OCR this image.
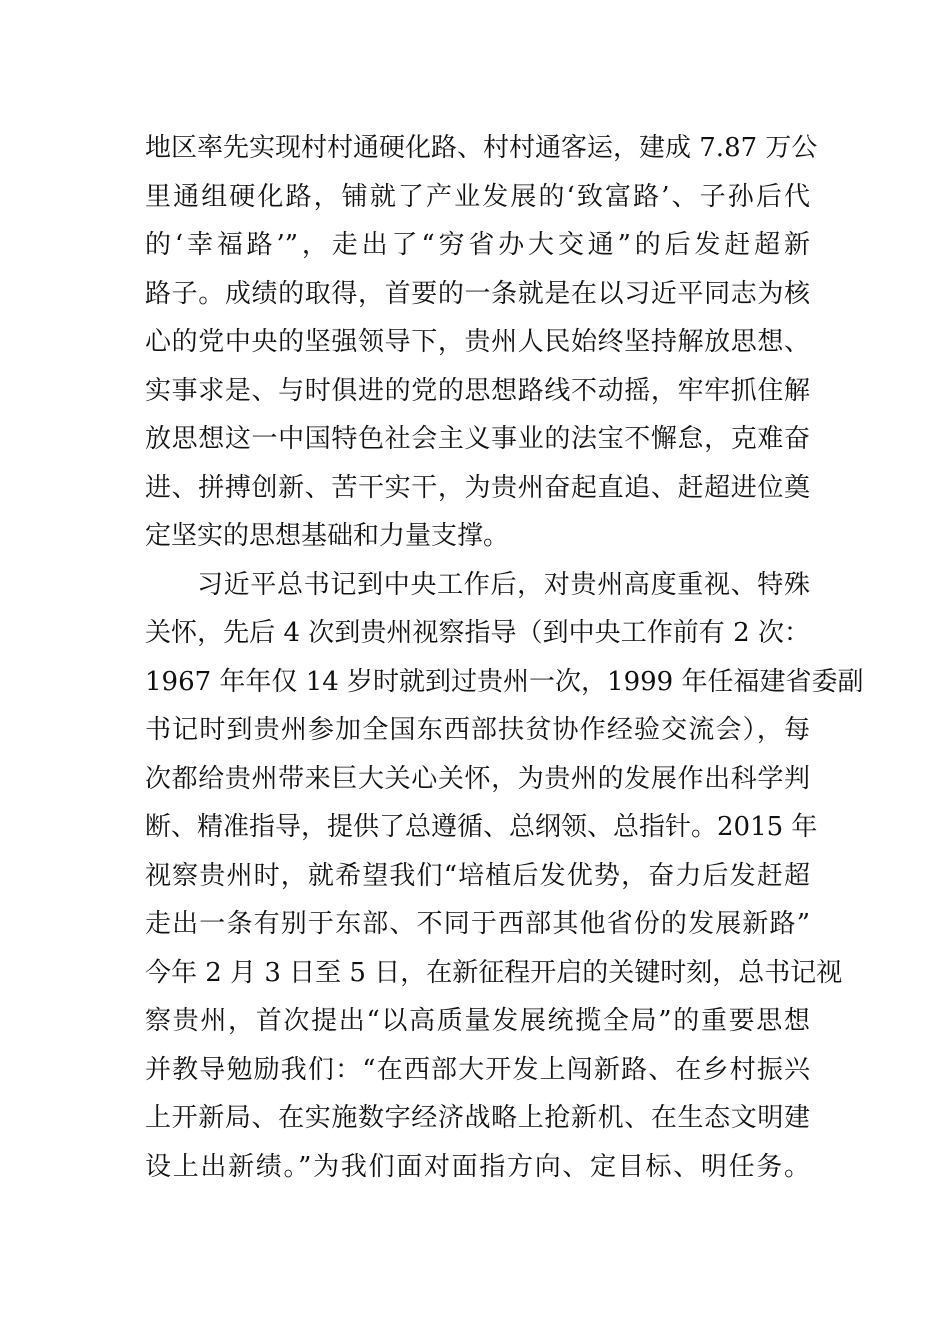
地区率先实现村村通硬化路、村村通客运，建成 7.87 万公
里通组硬化路，铺就了产业发展的‘致富路’、子孙后代
的‘幸福路’”，走出了“穷省办大交通”的后发赶超新
路子。成绩的取得，首要的一条就是在以习近平同志为核
心的党中央的坚强领导下，贵州人民始终坚持解放思想、
实事求是、与时俱进的党的思想路线不动摇，牢牢抓住解
放思想这一中国特色社会主义事业的法宝不懈怠，克难奋
进、拼搏创新、苦干实干，为贵州奋起直追、赶超进位奠
定坚实的思想基础和力量支撑。
习近平总书记到中央工作后，对贵州高度重视、特殊
关怀，先后 4 次到贵州视察指导（到中央工作前有 2 次：
1967 年年仅 14 岁时就到过贵州一次，1999 年任福建省委副
书记时到贵州参加全国东西部扶贫协作经验交流会），每
次都给贵州带来巨大关心关怀，为贵州的发展作出科学判
断、精准指导，提供了总遵循、总纲领、总指针。2015 年
视察贵州时，就希望我们“培植后发优势，奋力后发赶超
走出一条有别于东部、不同于西部其他省份的发展新路”
今年 2 月 3 日至 5 日，在新征程开启的关键时刻，总书记视
察贵州，首次提出“以高质量发展统揽全局”的重要思想
并教导勉励我们：“在西部大开发上闯新路、在乡村振兴
上开新局、在实施数字经济战略上抢新机、在生态文明建
设上出新绩。”为我们面对面指方向、定目标、明任务。
